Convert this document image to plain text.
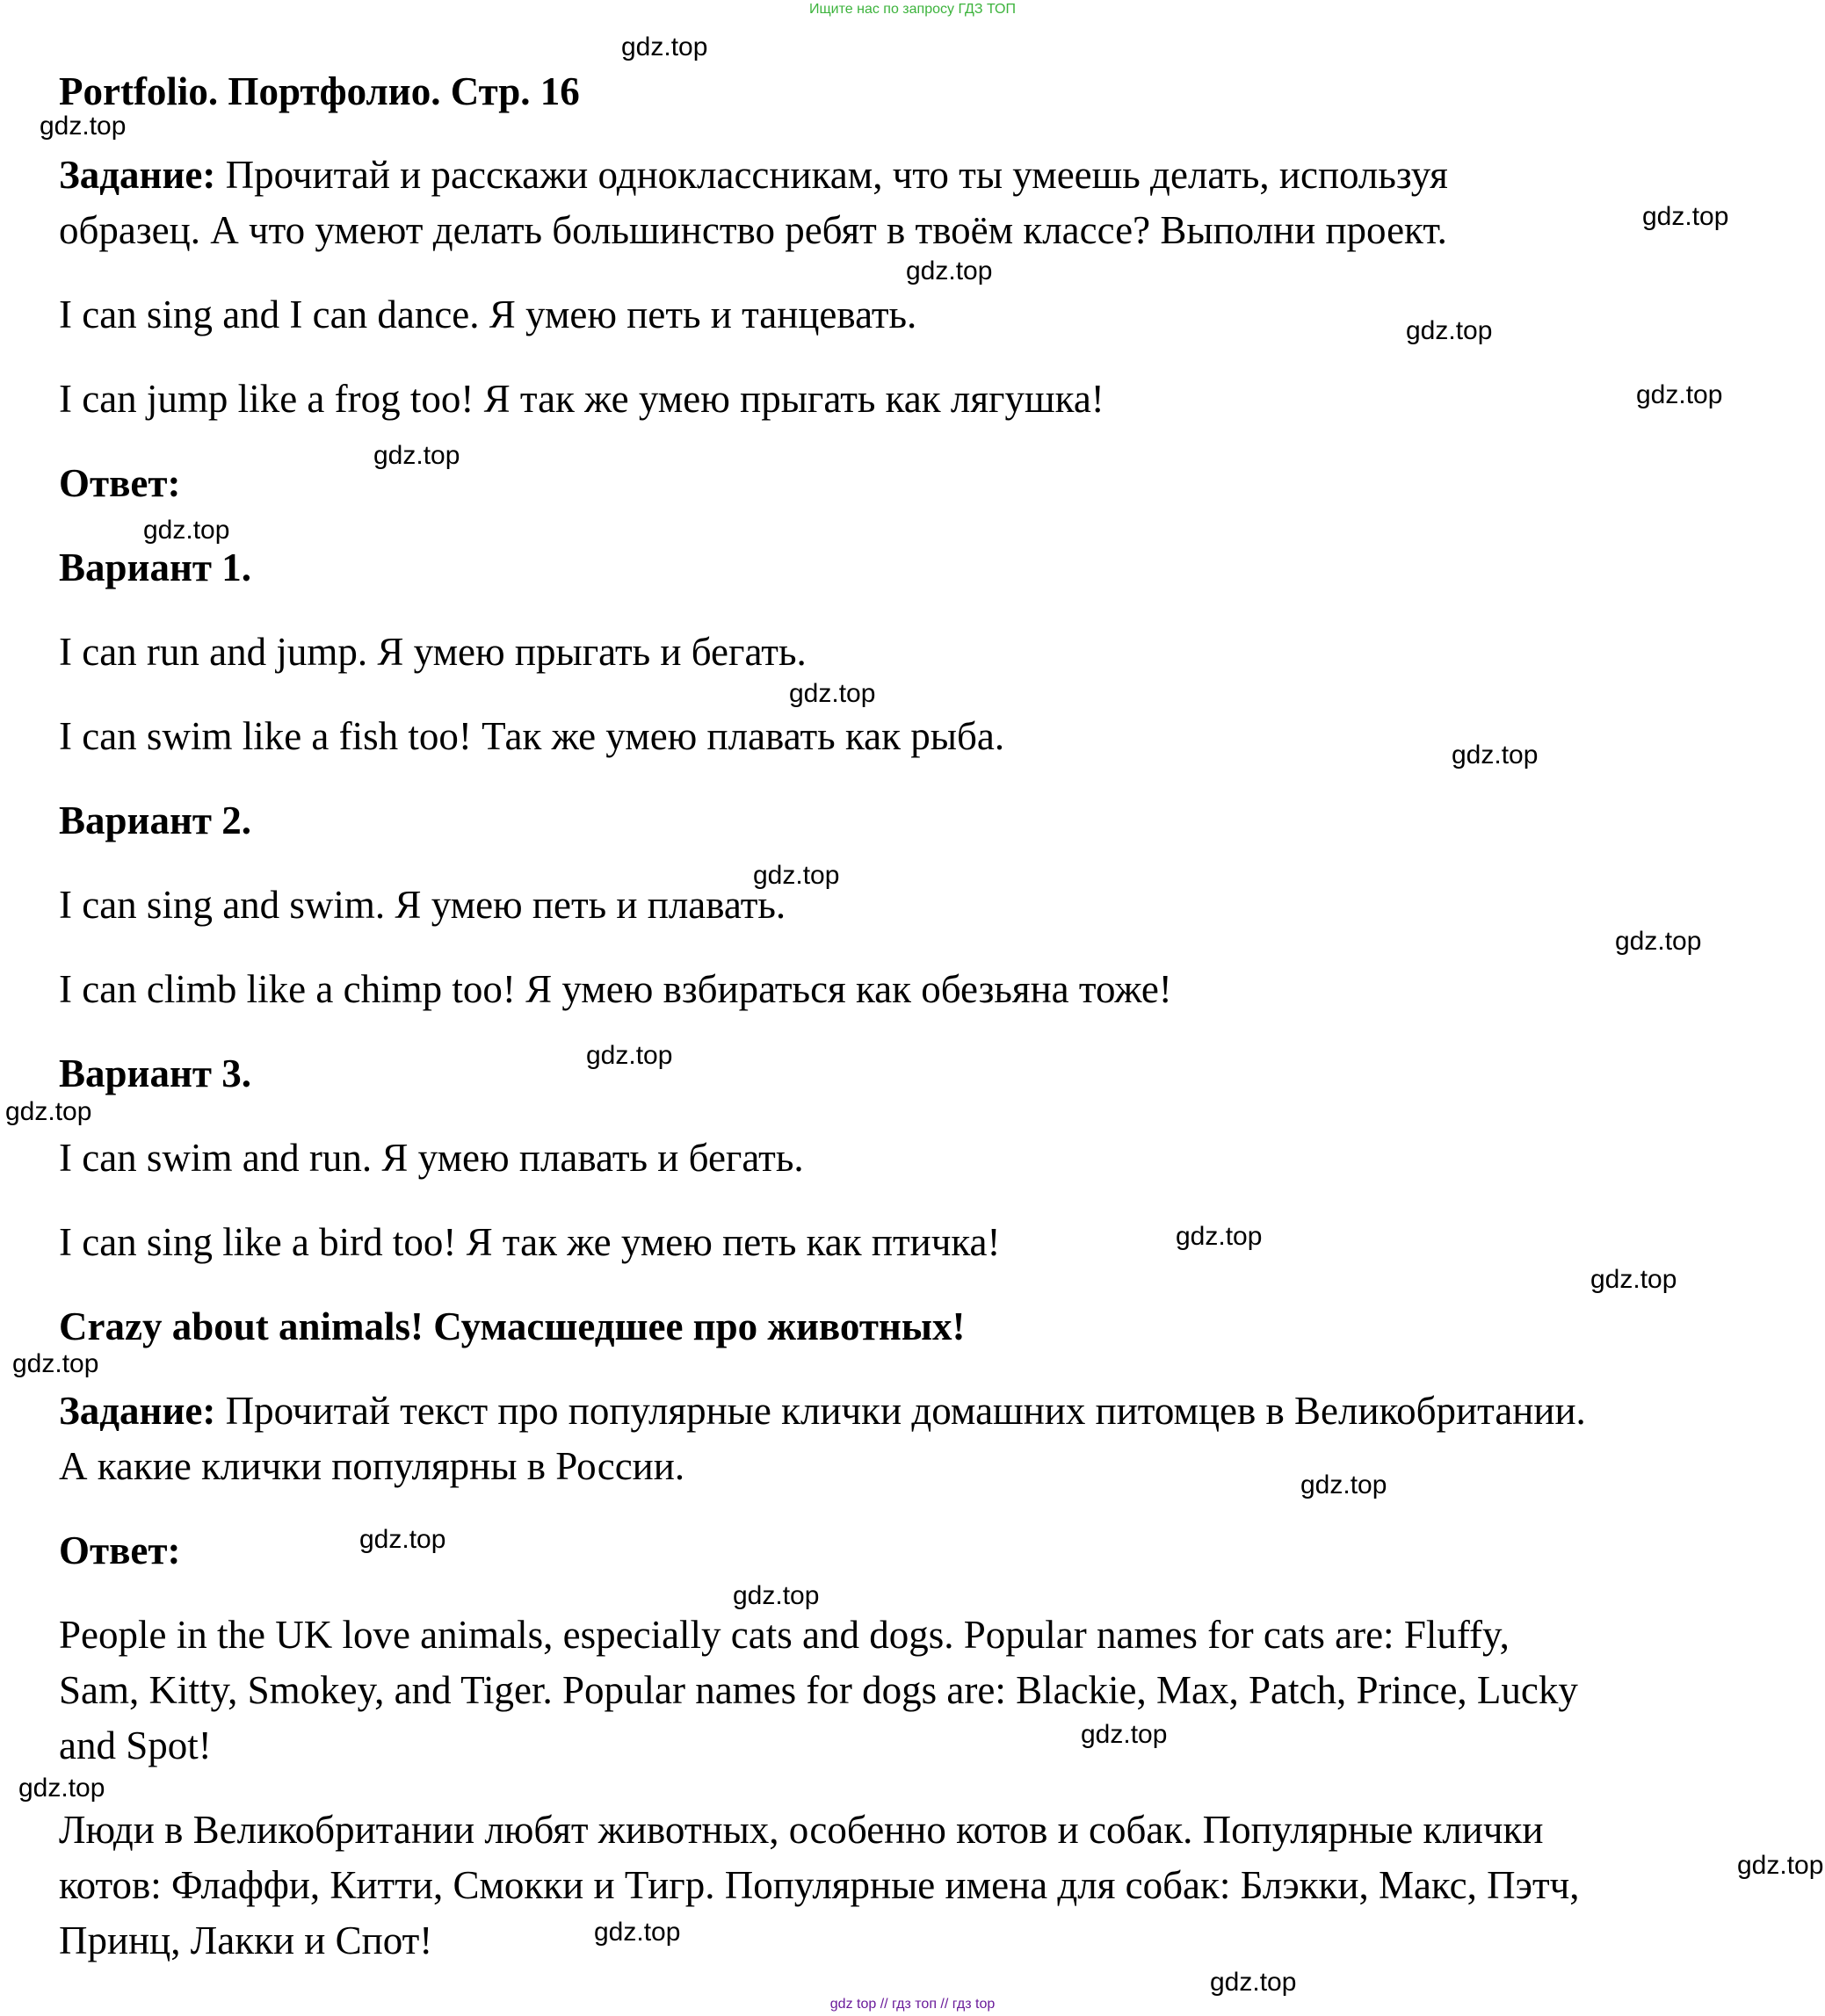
Ищите нас по запросу ГДЗ ТОП

Portfolio. Портфолио. Стр. 16

Задание: Прочитай и расскажи одноклассникам, что ты умеешь делать, используя

образец. А что умеют делать большинство ребят в твоём классе? Выполни проект.

I can sing and I can dance. Я умею петь и танцевать.

I can jump like a frog too! Я так же умею прыгать как лягушка!

Ответ:

Вариант 1.

I can run and jump. Я умею прыгать и бегать.

I can swim like a fish too! Так же умею плавать как рыба.

Вариант 2.

I can sing and swim. Я умею петь и плавать.

I can climb like a chimp too! Я умею взбираться как обезьяна тоже!

Вариант 3.

I can swim and run. Я умею плавать и бегать.

I can sing like a bird too! Я так же умею петь как птичка!

Crazy about animals! Сумасшедшее про животных!

Задание: Прочитай текст про популярные клички домашних питомцев в Великобритании.

А какие клички популярны в России.

Ответ:

People in the UK love animals, especially cats and dogs. Popular names for cats are: Fluffy,

Sam, Kitty, Smokey, and Tiger. Popular names for dogs are: Blackie, Max, Patch, Prince, Lucky

and Spot!

Люди в Великобритании любят животных, особенно котов и собак. Популярные клички

котов: Флаффи, Китти, Смокки и Тигр. Популярные имена для собак: Блэкки, Макс, Пэтч,

Принц, Лакки и Спот!

gdz.top
gdz.top
gdz.top
gdz.top
gdz.top
gdz.top
gdz.top
gdz.top
gdz.top
gdz.top
gdz.top
gdz.top
gdz.top
gdz.top
gdz.top
gdz.top
gdz.top
gdz.top
gdz.top
gdz.top
gdz.top
gdz.top
gdz.top
gdz.top
gdz.top
gdz top // гдз топ // гдз top
